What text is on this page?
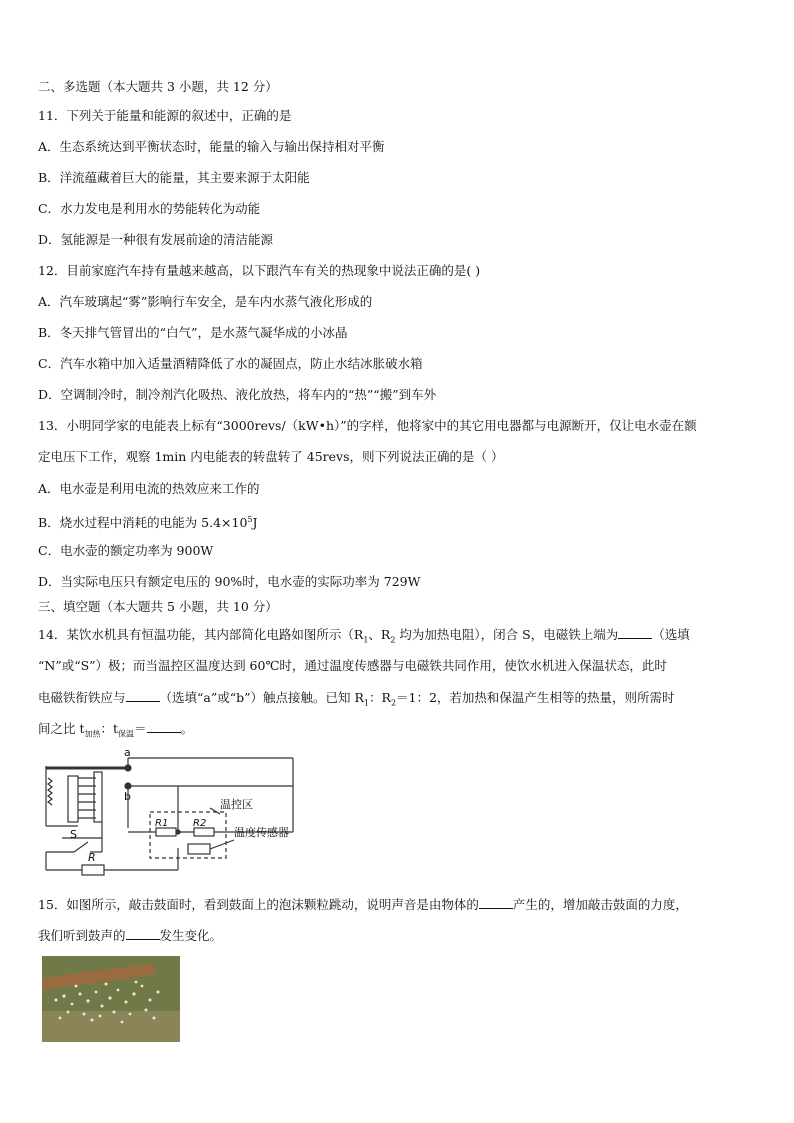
二、多选题（本大题共 3 小题，共 12 分）
11．下列关于能量和能源的叙述中，正确的是
A．生态系统达到平衡状态时，能量的输入与输出保持相对平衡
B．洋流蕴藏着巨大的能量，其主要来源于太阳能
C．水力发电是利用水的势能转化为动能
D．氢能源是一种很有发展前途的清洁能源
12．目前家庭汽车持有量越来越高，以下跟汽车有关的热现象中说法正确的是( )
A．汽车玻璃起“雾”影响行车安全，是车内水蒸气液化形成的
B．冬天排气管冒出的“白气”，是水蒸气凝华成的小冰晶
C．汽车水箱中加入适量酒精降低了水的凝固点，防止水结冰胀破水箱
D．空调制冷时，制冷剂汽化吸热、液化放热，将车内的“热”“搬”到车外
13．小明同学家的电能表上标有“3000revs/（kW•h）”的字样，他将家中的其它用电器都与电源断开，仅让电水壶在额
定电压下工作，观察 1min 内电能表的转盘转了 45revs，则下列说法正确的是（ ）
A．电水壶是利用电流的热效应来工作的
B．烧水过程中消耗的电能为 $5.4\times 10^5J$
C．电水壶的额定功率为 900W
D．当实际电压只有额定电压的 90%时，电水壶的实际功率为 729W
三、填空题（本大题共 5 小题，共 10 分）
14．某饮水机具有恒温功能，其内部简化电路如图所示（$R_1$、$R_2$ 均为加热电阻），闭合 S，电磁铁上端为	（选填
“N”或“S”）极；而当温控区温度达到 60℃时，通过温度传感器与电磁铁共同作用，使饮水机进入保温状态，此时
电磁铁衔铁应与	（选填“a”或“b”）触点接触。已知 $R_1$：$R_2=1$：2，若加热和保温产生相等的热量，则所需时
间之比 $t_{加热}$：$t_{保温}=$	。
a
b
S
R
R1 R2
温控区
温度传感器
15．如图所示，敲击鼓面时，看到鼓面上的泡沫颗粒跳动，说明声音是由物体的	产生的，增加敲击鼓面的力度，
我们听到鼓声的	发生变化。
